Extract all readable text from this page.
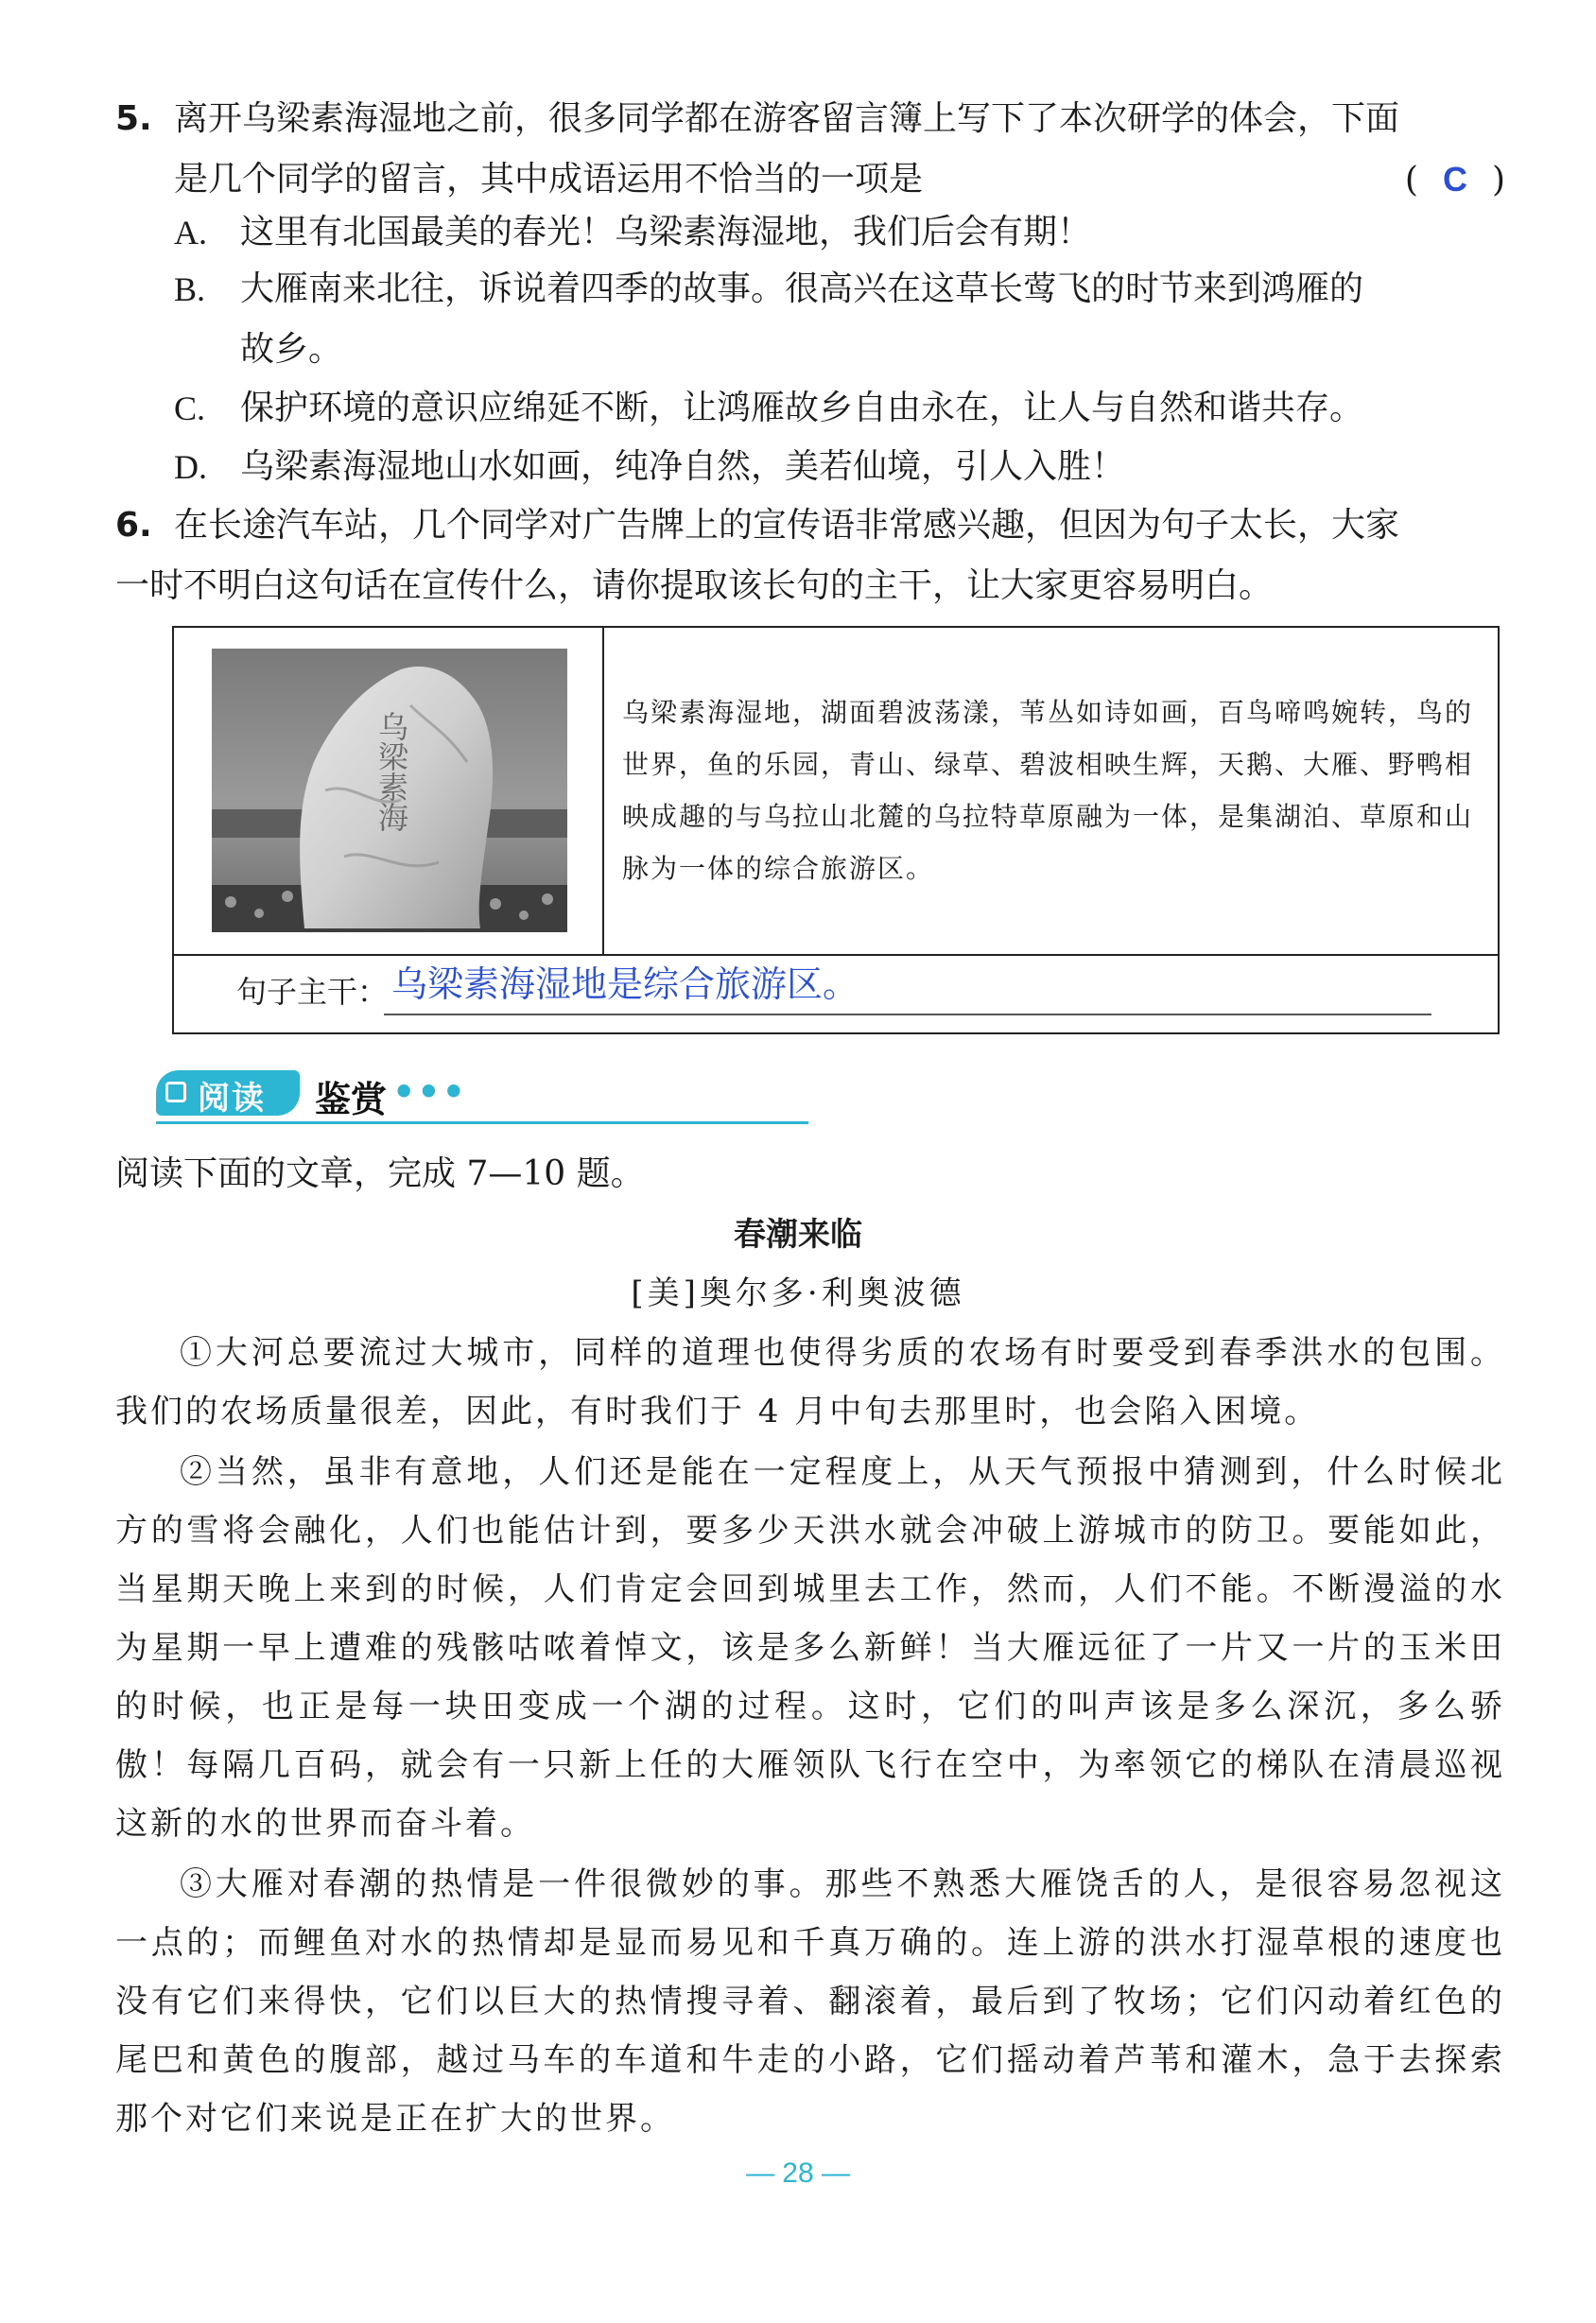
5. 离开乌梁素海湿地之前，很多同学都在游客留言簿上写下了本次研学的体会，下面
是几个同学的留言，其中成语运用不恰当的一项是	( C )
A. 这里有北国最美的春光！乌梁素海湿地，我们后会有期！
B. 大雁南来北往，诉说着四季的故事。很高兴在这草长莺飞的时节来到鸿雁的
故乡。
C. 保护环境的意识应绵延不断，让鸿雁故乡自由永在，让人与自然和谐共存。
D. 乌梁素海湿地山水如画，纯净自然，美若仙境，引人入胜！
6. 在长途汽车站，几个同学对广告牌上的宣传语非常感兴趣，但因为句子太长，大家
一时不明白这句话在宣传什么，请你提取该长句的主干，让大家更容易明白。
乌梁素海	乌梁素海湿地，湖面碧波荡漾，苇丛如诗如画，百鸟啼鸣婉转，鸟的世界，鱼的乐园，青山、绿草、碧波相映生辉，天鹅、大雁、野鸭相映成趣的与乌拉山北麓的乌拉特草原融为一体，是集湖泊、草原和山脉为一体的综合旅游区。
句子主干： 乌梁素海湿地是综合旅游区。
阅读 鉴赏 •••
阅读下面的文章，完成 7—10 题。
春潮来临
[美]奥尔多·利奥波德
①大河总要流过大城市，同样的道理也使得劣质的农场有时要受到春季洪水的包围。我们的农场质量很差，因此，有时我们于 4 月中旬去那里时，也会陷入困境。
②当然，虽非有意地，人们还是能在一定程度上，从天气预报中猜测到，什么时候北方的雪将会融化，人们也能估计到，要多少天洪水就会冲破上游城市的防卫。要能如此，当星期天晚上来到的时候，人们肯定会回到城里去工作，然而，人们不能。不断漫溢的水为星期一早上遭难的残骸咕哝着悼文，该是多么新鲜！当大雁远征了一片又一片的玉米田的时候，也正是每一块田变成一个湖的过程。这时，它们的叫声该是多么深沉，多么骄傲！每隔几百码，就会有一只新上任的大雁领队飞行在空中，为率领它的梯队在清晨巡视这新的水的世界而奋斗着。
③大雁对春潮的热情是一件很微妙的事。那些不熟悉大雁饶舌的人，是很容易忽视这一点的；而鲤鱼对水的热情却是显而易见和千真万确的。连上游的洪水打湿草根的速度也没有它们来得快，它们以巨大的热情搜寻着、翻滚着，最后到了牧场；它们闪动着红色的尾巴和黄色的腹部，越过马车的车道和牛走的小路，它们摇动着芦苇和灌木，急于去探索那个对它们来说是正在扩大的世界。
— 28 —
